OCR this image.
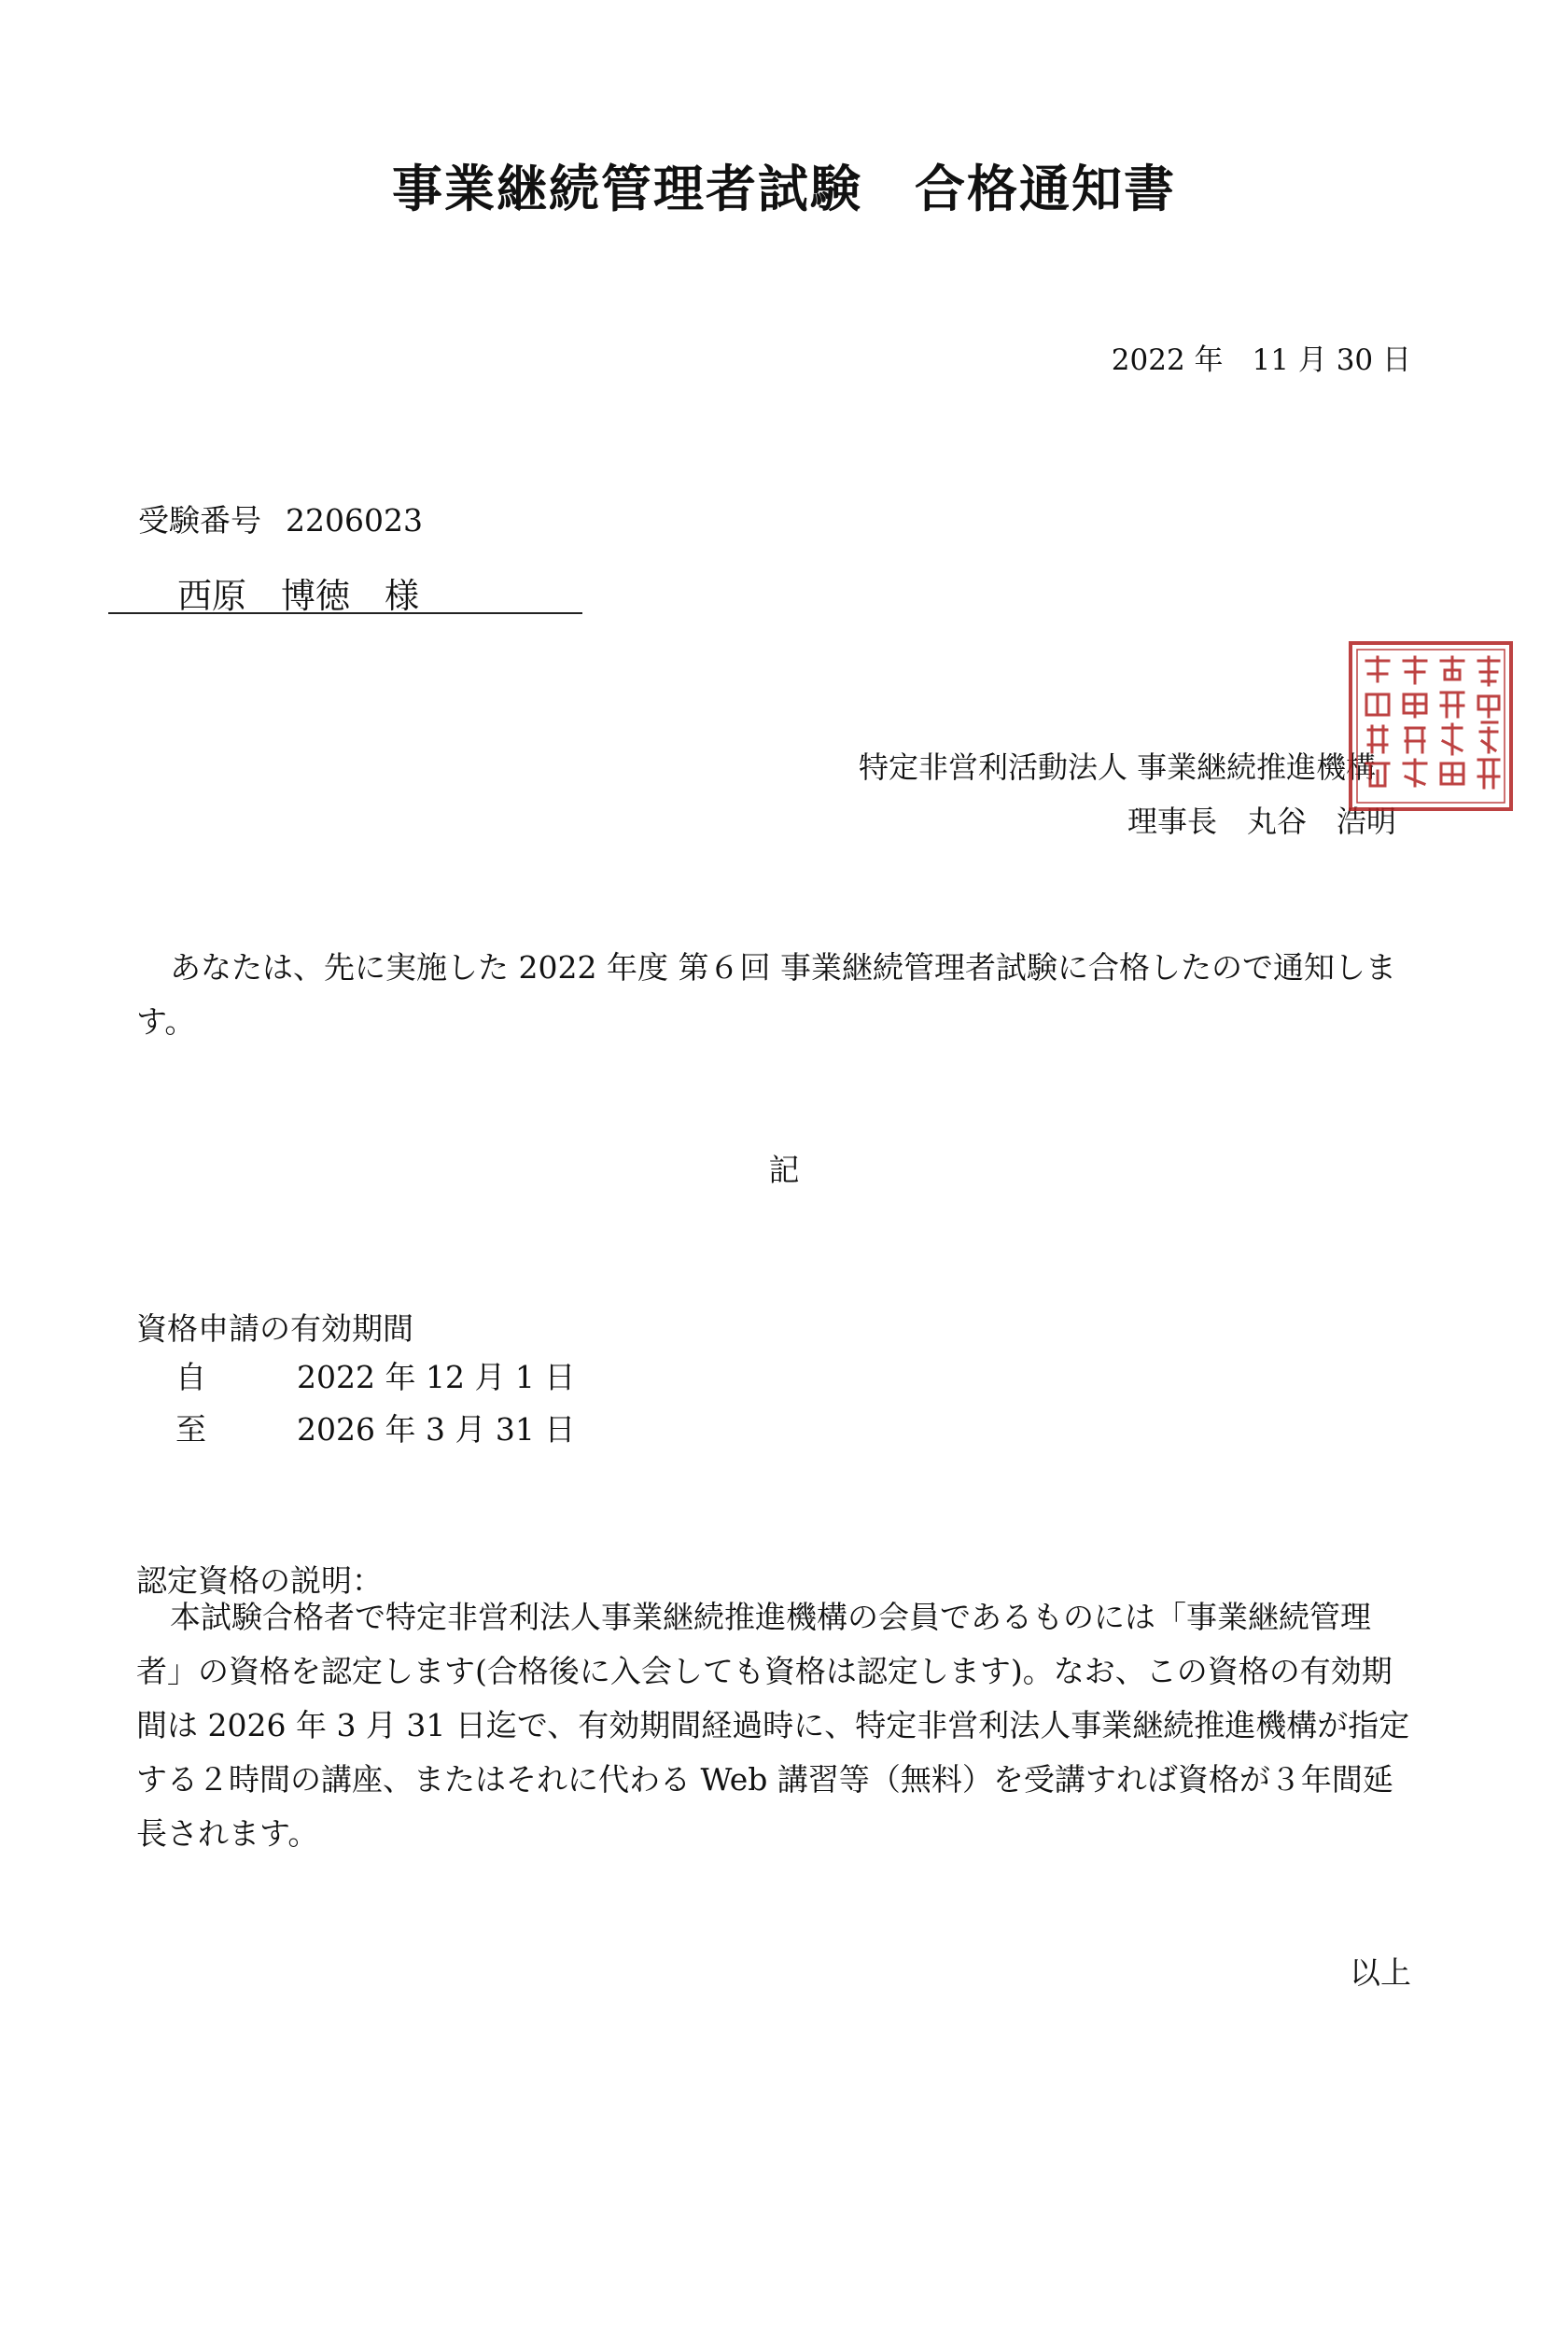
事業継続管理者試験　合格通知書
2022 年　11 月 30 日
受験番号 2206023
西原　博徳　様
特定非営利活動法人 事業継続推進機構
理事長　丸谷　浩明

あなたは、先に実施した 2022 年度 第６回 事業継続管理者試験に合格したので通知します。

記
資格申請の有効期間
自	2022 年 12 月 1 日
至	2026 年 3 月 31 日
認定資格の説明：

本試験合格者で特定非営利法人事業継続推進機構の会員であるものには「事業継続管理者」の資格を認定します(合格後に入会しても資格は認定します)。なお、この資格の有効期間は 2026 年 3 月 31 日迄で、有効期間経過時に、特定非営利法人事業継続推進機構が指定する２時間の講座、またはそれに代わる Web 講習等（無料）を受講すれば資格が３年間延長されます。

以上
